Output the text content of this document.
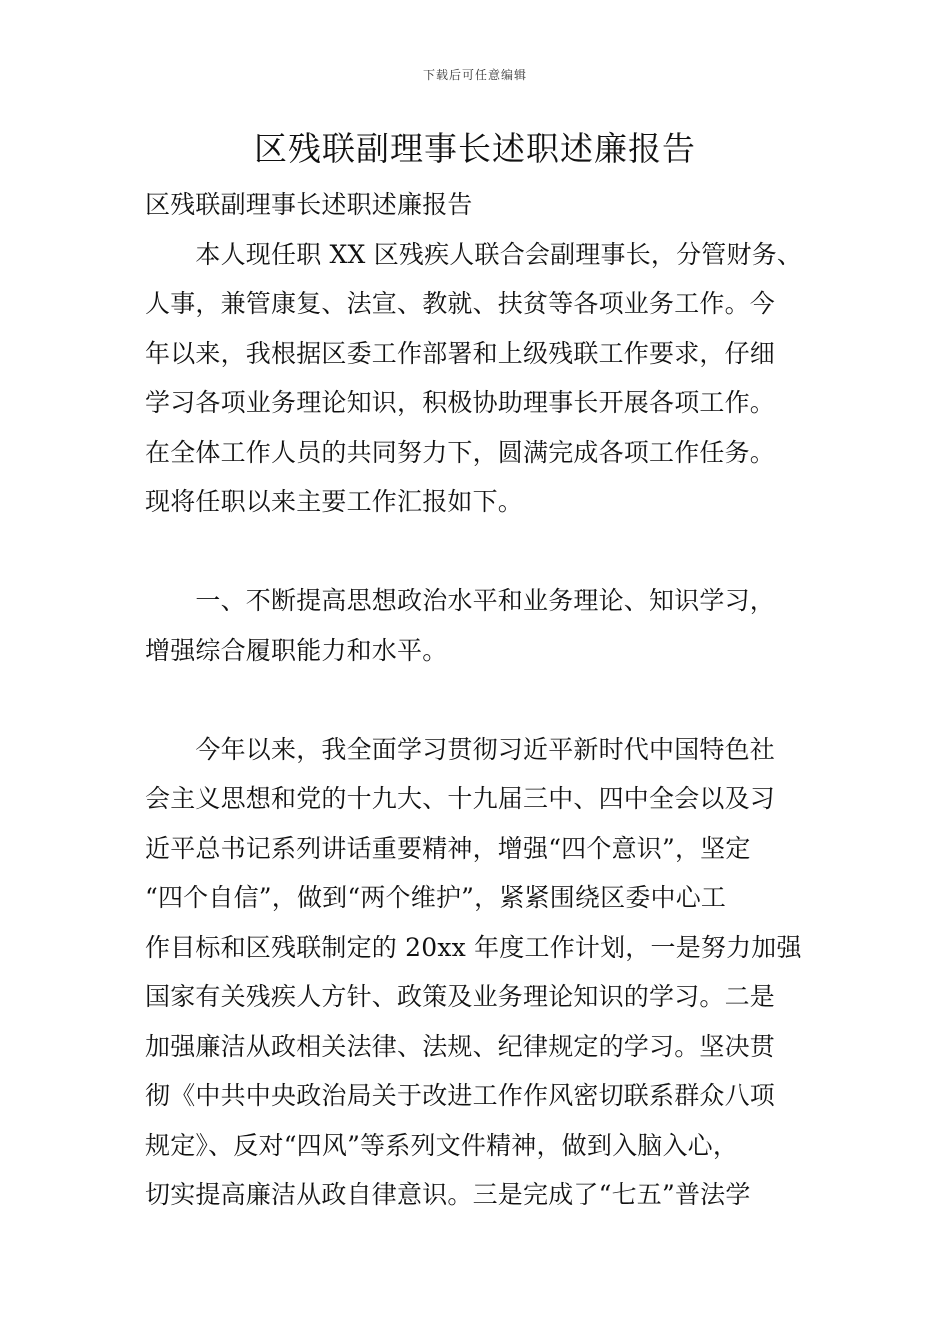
下载后可任意编辑
区残联副理事长述职述廉报告
区残联副理事长述职述廉报告
　　本人现任职 XX 区残疾人联合会副理事长，分管财务、
人事，兼管康复、法宣、教就、扶贫等各项业务工作。今
年以来，我根据区委工作部署和上级残联工作要求，仔细
学习各项业务理论知识，积极协助理事长开展各项工作。
在全体工作人员的共同努力下，圆满完成各项工作任务。
现将任职以来主要工作汇报如下。
　　一、不断提高思想政治水平和业务理论、知识学习，
增强综合履职能力和水平。
　　今年以来，我全面学习贯彻习近平新时代中国特色社
会主义思想和党的十九大、十九届三中、四中全会以及习
近平总书记系列讲话重要精神，增强“四个意识”，坚定
“四个自信”，做到“两个维护”，紧紧围绕区委中心工
作目标和区残联制定的 20xx 年度工作计划，一是努力加强
国家有关残疾人方针、政策及业务理论知识的学习。二是
加强廉洁从政相关法律、法规、纪律规定的学习。坚决贯
彻《中共中央政治局关于改进工作作风密切联系群众八项
规定》、反对“四风”等系列文件精神，做到入脑入心，
切实提高廉洁从政自律意识。三是完成了“七五”普法学
